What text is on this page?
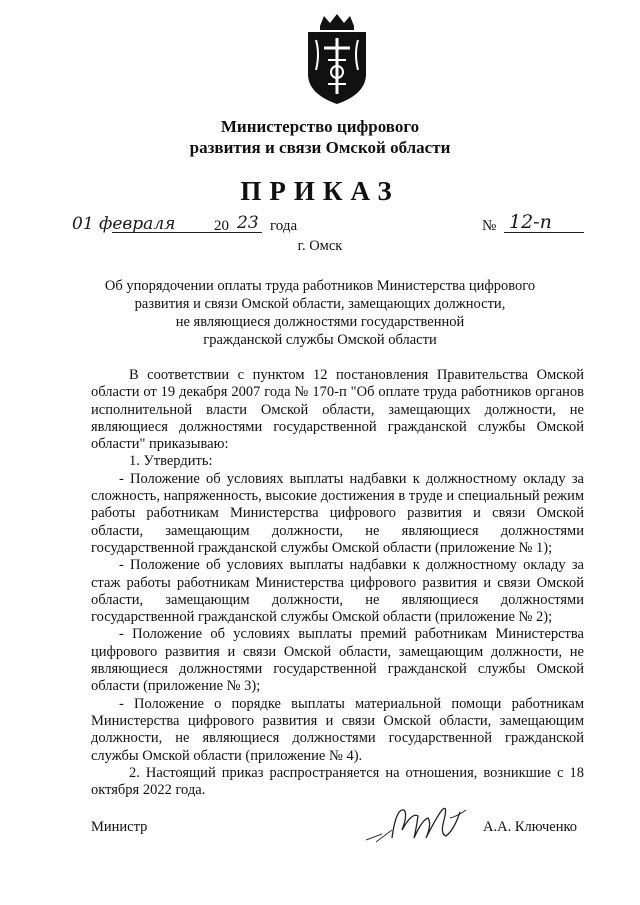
Министерство цифрового
развития и связи Омской области
ПРИКАЗ
01 февраля	20 23 года	№ 12-п
г. Омск
Об упорядочении оплаты труда работников Министерства цифрового
развития и связи Омской области, замещающих должности,
не являющиеся должностями государственной
гражданской службы Омской области

В соответствии с пунктом 12 постановления Правительства Омской области от 19 декабря 2007 года № 170-п "Об оплате труда работников органов исполнительной власти Омской области, замещающих должности, не являющиеся должностями государственной гражданской службы Омской области" приказываю:

1. Утвердить:

- Положение об условиях выплаты надбавки к должностному окладу за сложность, напряженность, высокие достижения в труде и специальный режим работы работникам Министерства цифрового развития и связи Омской области, замещающим должности, не являющиеся должностями государственной гражданской службы Омской области (приложение № 1);

- Положение об условиях выплаты надбавки к должностному окладу за стаж работы работникам Министерства цифрового развития и связи Омской области, замещающим должности, не являющиеся должностями государственной гражданской службы Омской области (приложение № 2);

- Положение об условиях выплаты премий работникам Министерства цифрового развития и связи Омской области, замещающим должности, не являющиеся должностями государственной гражданской службы Омской области (приложение № 3);

- Положение о порядке выплаты материальной помощи работникам Министерства цифрового развития и связи Омской области, замещающим должности, не являющиеся должностями государственной гражданской службы Омской области (приложение № 4).

2. Настоящий приказ распространяется на отношения, возникшие с 18 октября 2022 года.

Министр	А.А. Ключенко
